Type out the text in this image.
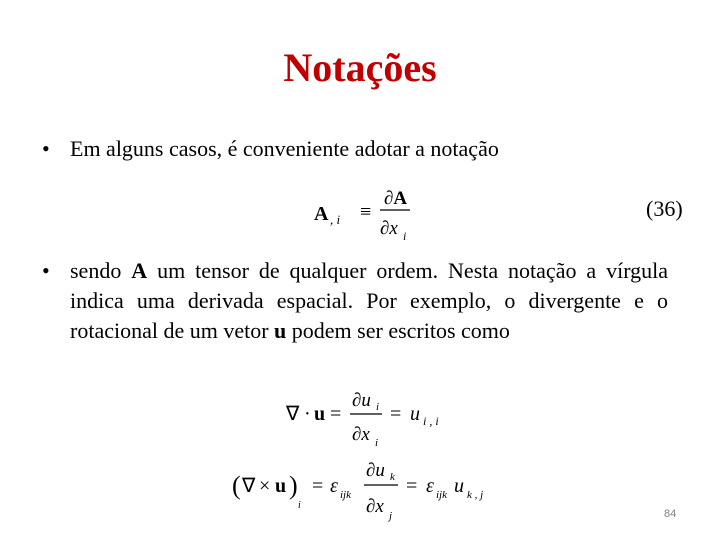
Notações
• Em alguns casos, é conveniente adotar a notação
A , i ≡
∂A
∂x i
(36)
• sendo A um tensor de qualquer ordem. Nesta notação a vírgula indica uma derivada espacial. Por exemplo, o divergente e o rotacional de um vetor u podem ser escritos como
∇ · u =
∂u i
∂x i
= u i , i
( ∇ × u )
i
= ε ijk
∂u k
∂x j
= ε ijk u k , j
84
